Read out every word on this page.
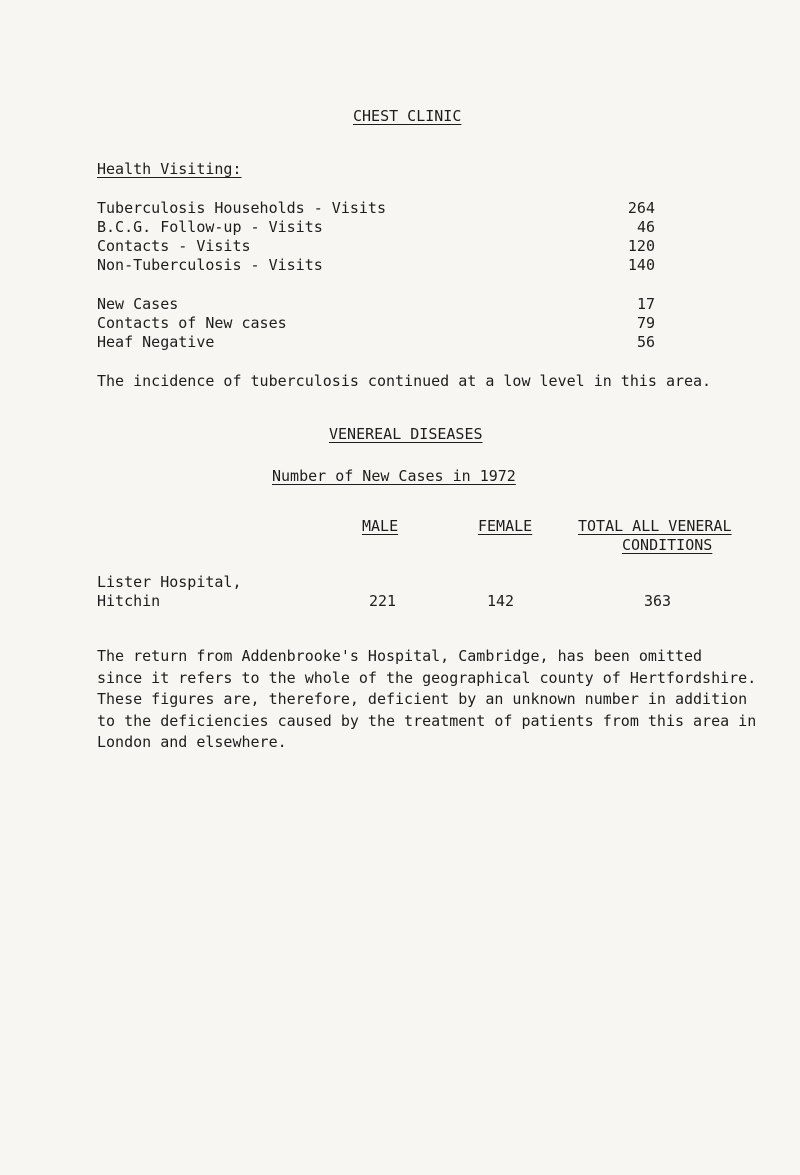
CHEST CLINIC
Health Visiting:
Tuberculosis Households - Visits	264
B.C.G. Follow-up - Visits	46
Contacts - Visits	120
Non-Tuberculosis - Visits	140
New Cases	17
Contacts of New cases	79
Heaf Negative	56
The incidence of tuberculosis continued at a low level in this area.
VENEREAL DISEASES
Number of New Cases in 1972
MALE	FEMALE	TOTAL ALL VENERAL
CONDITIONS
Lister Hospital,
Hitchin	221	142	363
The return from Addenbrooke's Hospital, Cambridge, has been omitted
since it refers to the whole of the geographical county of Hertfordshire.
These figures are, therefore, deficient by an unknown number in addition
to the deficiencies caused by the treatment of patients from this area in
London and elsewhere.
